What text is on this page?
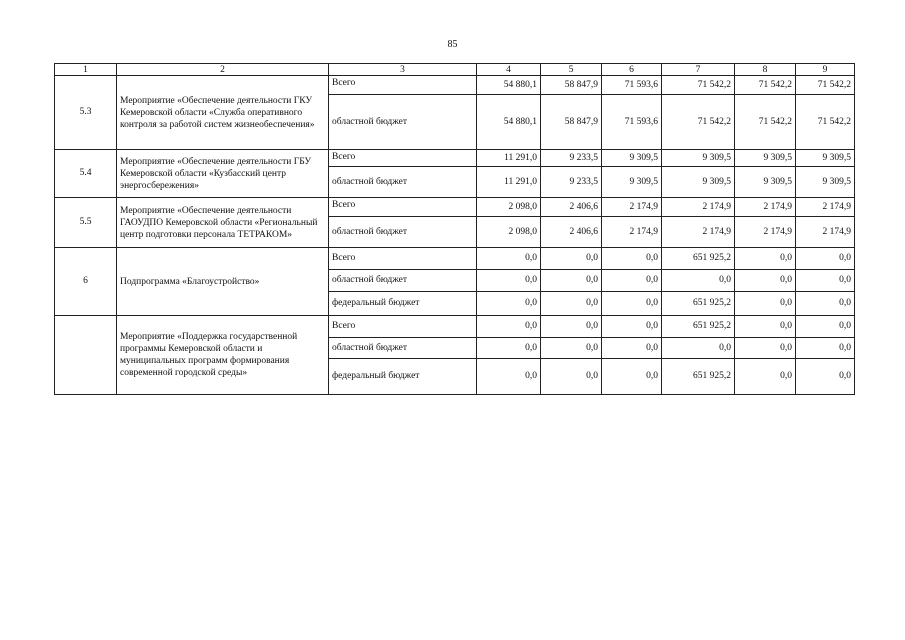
85
1	2	3	4	5	6	7	8	9
5.3	Мероприятие «Обеспечение деятельности ГКУ Кемеровской области «Служба оперативного контроля за работой систем жизнеобеспечения»	Всего	54 880,1	58 847,9	71 593,6	71 542,2	71 542,2	71 542,2
		областной бюджет	54 880,1	58 847,9	71 593,6	71 542,2	71 542,2	71 542,2
5.4	Мероприятие «Обеспечение деятельности ГБУ Кемеровской области «Кузбасский центр энергосбережения»	Всего	11 291,0	9 233,5	9 309,5	9 309,5	9 309,5	9 309,5
		областной бюджет	11 291,0	9 233,5	9 309,5	9 309,5	9 309,5	9 309,5
5.5	Мероприятие «Обеспечение деятельности ГАОУДПО Кемеровской области «Региональный центр подготовки персонала ТЕТРАКОМ»	Всего	2 098,0	2 406,6	2 174,9	2 174,9	2 174,9	2 174,9
		областной бюджет	2 098,0	2 406,6	2 174,9	2 174,9	2 174,9	2 174,9
6	Подпрограмма «Благоустройство»	Всего	0,0	0,0	0,0	651 925,2	0,0	0,0
		областной бюджет	0,0	0,0	0,0	0,0	0,0	0,0
		федеральный бюджет	0,0	0,0	0,0	651 925,2	0,0	0,0
	Мероприятие «Поддержка государственной программы Кемеровской области и муниципальных программ формирования современной городской среды»	Всего	0,0	0,0	0,0	651 925,2	0,0	0,0
		областной бюджет	0,0	0,0	0,0	0,0	0,0	0,0
		федеральный бюджет	0,0	0,0	0,0	651 925,2	0,0	0,0
